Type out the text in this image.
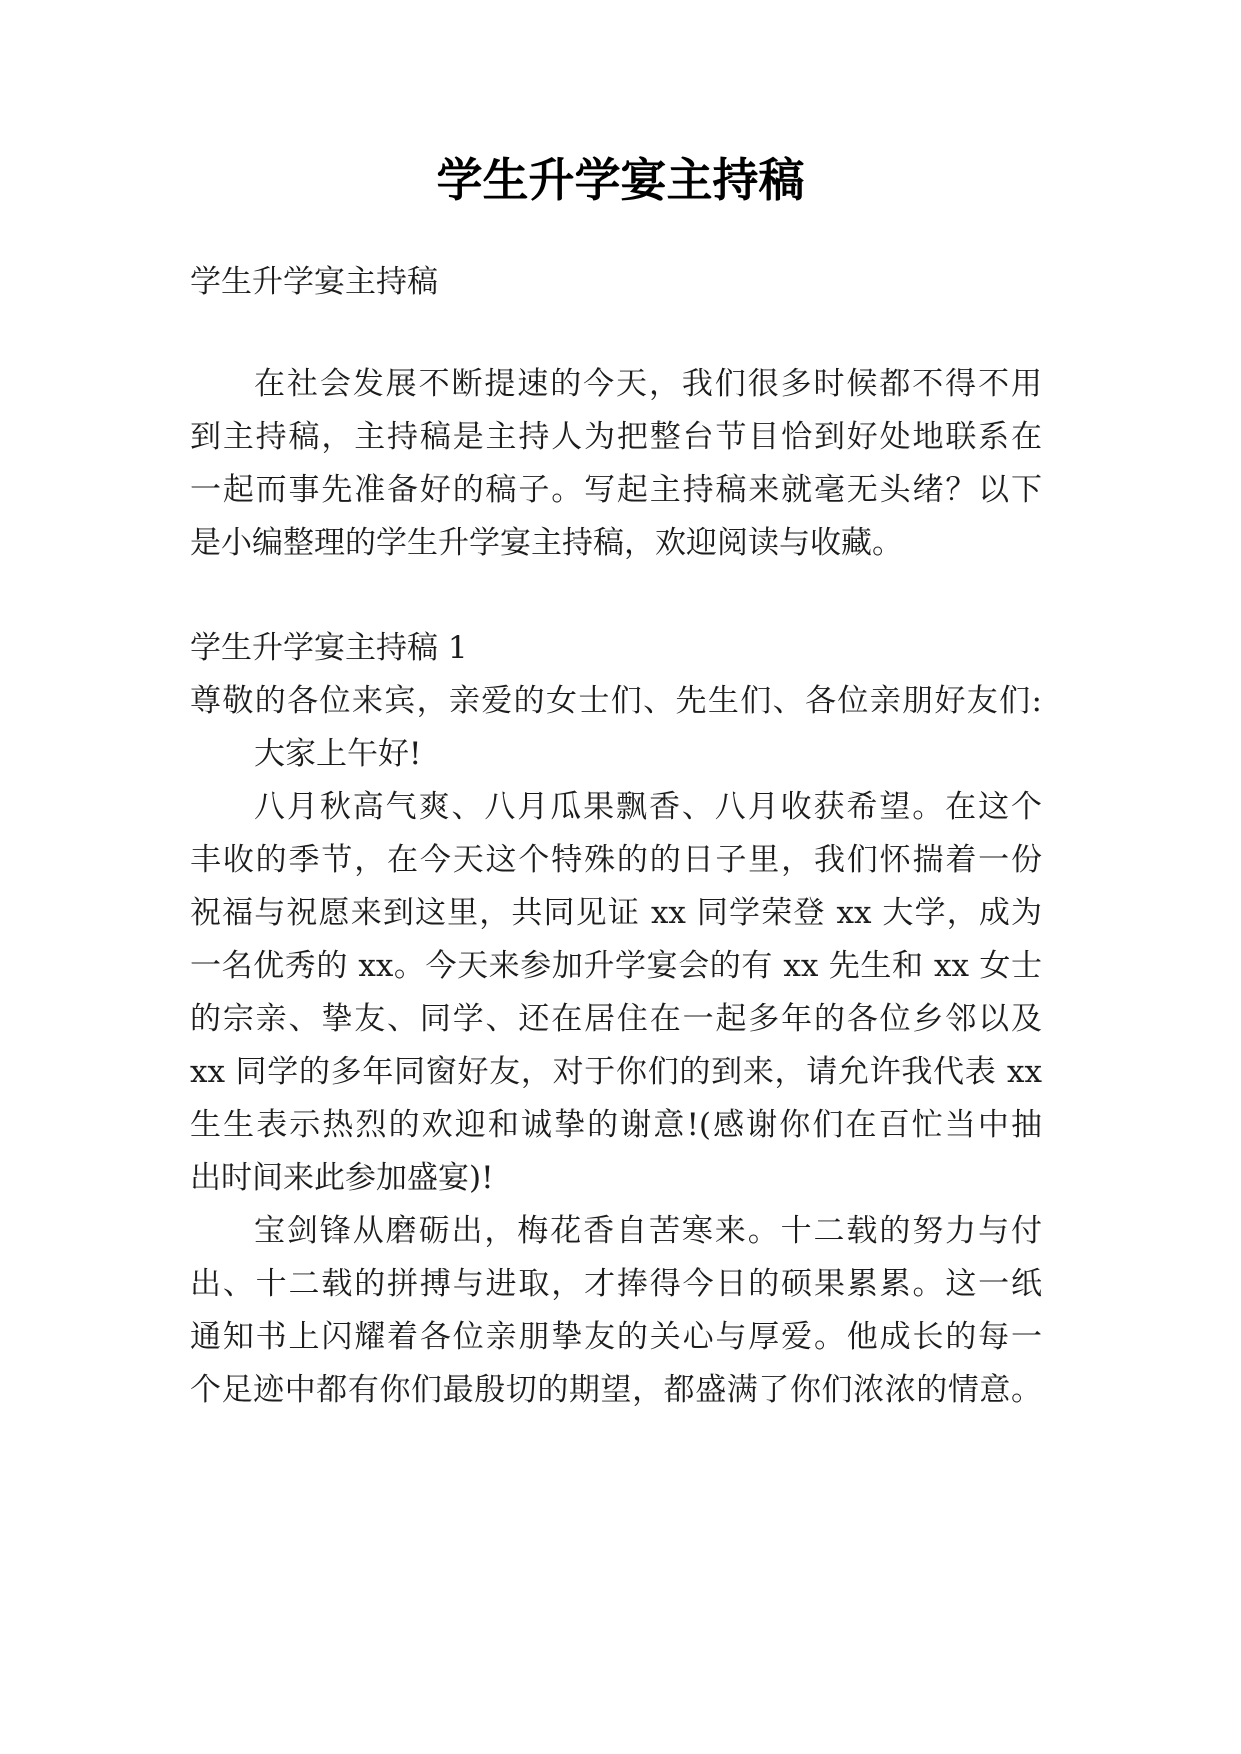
学生升学宴主持稿
学生升学宴主持稿
在社会发展不断提速的今天，我们很多时候都不得不用
到主持稿，主持稿是主持人为把整台节目恰到好处地联系在
一起而事先准备好的稿子。写起主持稿来就毫无头绪？以下
是小编整理的学生升学宴主持稿，欢迎阅读与收藏。
学生升学宴主持稿 1
尊敬的各位来宾，亲爱的女士们、先生们、各位亲朋好友们:
大家上午好!
八月秋高气爽、八月瓜果飘香、八月收获希望。在这个
丰收的季节，在今天这个特殊的的日子里，我们怀揣着一份
祝福与祝愿来到这里，共同见证 xx 同学荣登 xx 大学，成为
一名优秀的 xx。今天来参加升学宴会的有 xx 先生和 xx 女士
的宗亲、挚友、同学、还在居住在一起多年的各位乡邻以及
xx 同学的多年同窗好友，对于你们的到来，请允许我代表 xx
生生表示热烈的欢迎和诚挚的谢意!(感谢你们在百忙当中抽
出时间来此参加盛宴)!
宝剑锋从磨砺出，梅花香自苦寒来。十二载的努力与付
出、十二载的拼搏与进取，才捧得今日的硕果累累。这一纸
通知书上闪耀着各位亲朋挚友的关心与厚爱。他成长的每一
个足迹中都有你们最殷切的期望，都盛满了你们浓浓的情意。
